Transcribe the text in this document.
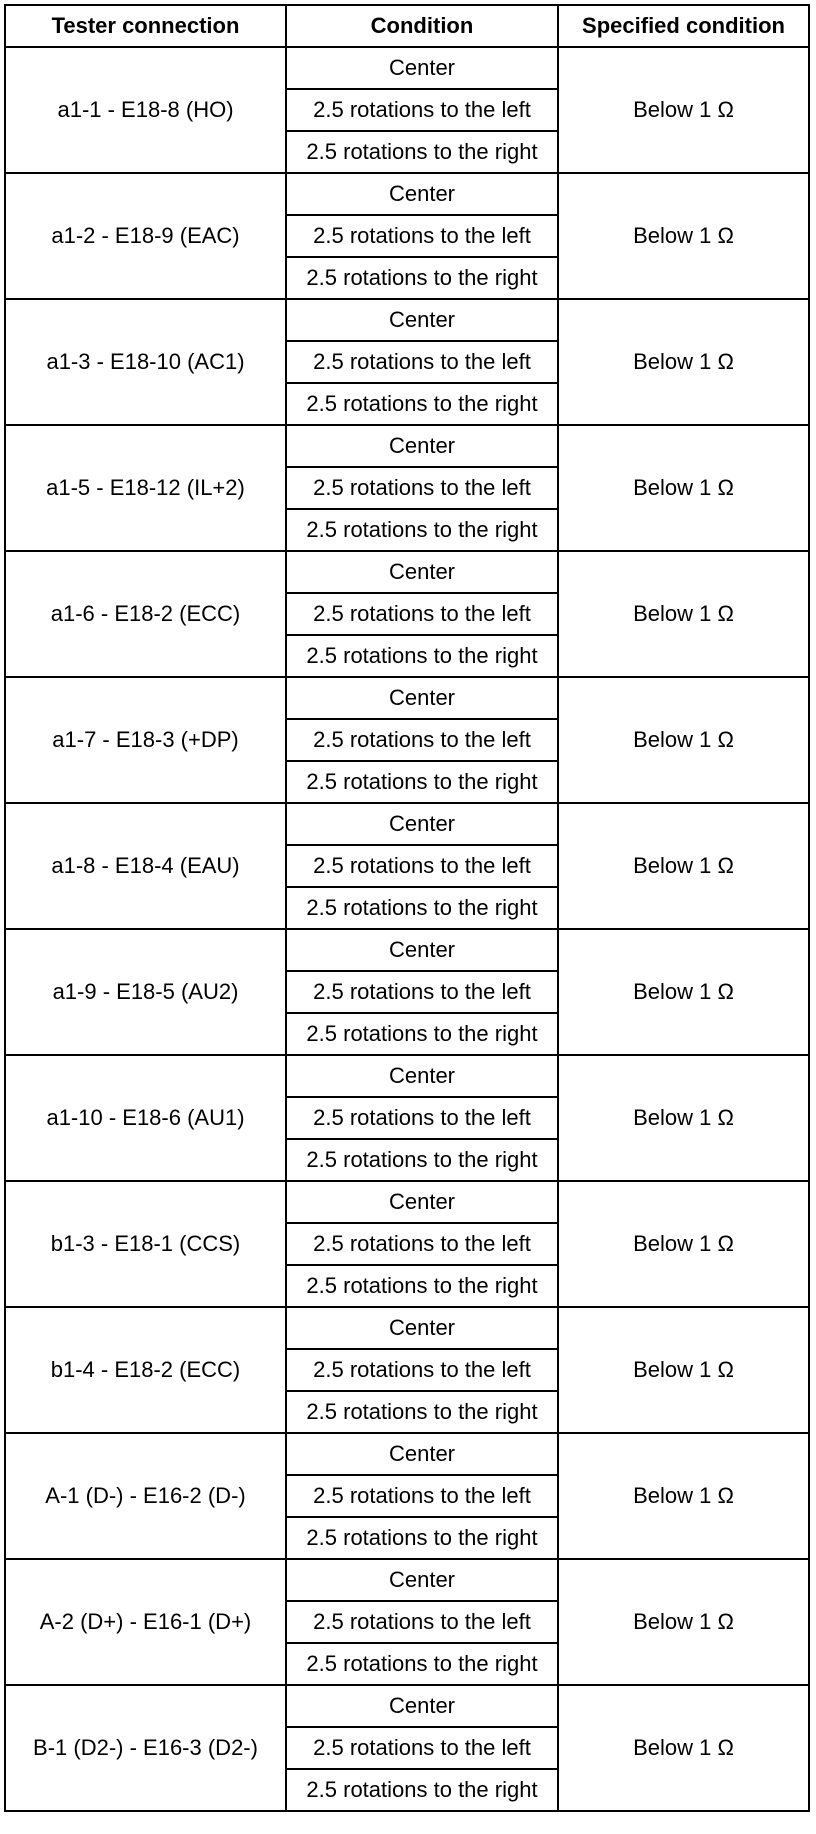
Tester connection	Condition	Specified condition
a1-1 - E18-8 (HO)	Center	Below 1 Ω
	2.5 rotations to the left	
	2.5 rotations to the right	
a1-2 - E18-9 (EAC)	Center	Below 1 Ω
	2.5 rotations to the left	
	2.5 rotations to the right	
a1-3 - E18-10 (AC1)	Center	Below 1 Ω
	2.5 rotations to the left	
	2.5 rotations to the right	
a1-5 - E18-12 (IL+2)	Center	Below 1 Ω
	2.5 rotations to the left	
	2.5 rotations to the right	
a1-6 - E18-2 (ECC)	Center	Below 1 Ω
	2.5 rotations to the left	
	2.5 rotations to the right	
a1-7 - E18-3 (+DP)	Center	Below 1 Ω
	2.5 rotations to the left	
	2.5 rotations to the right	
a1-8 - E18-4 (EAU)	Center	Below 1 Ω
	2.5 rotations to the left	
	2.5 rotations to the right	
a1-9 - E18-5 (AU2)	Center	Below 1 Ω
	2.5 rotations to the left	
	2.5 rotations to the right	
a1-10 - E18-6 (AU1)	Center	Below 1 Ω
	2.5 rotations to the left	
	2.5 rotations to the right	
b1-3 - E18-1 (CCS)	Center	Below 1 Ω
	2.5 rotations to the left	
	2.5 rotations to the right	
b1-4 - E18-2 (ECC)	Center	Below 1 Ω
	2.5 rotations to the left	
	2.5 rotations to the right	
A-1 (D-) - E16-2 (D-)	Center	Below 1 Ω
	2.5 rotations to the left	
	2.5 rotations to the right	
A-2 (D+) - E16-1 (D+)	Center	Below 1 Ω
	2.5 rotations to the left	
	2.5 rotations to the right	
B-1 (D2-) - E16-3 (D2-)	Center	Below 1 Ω
	2.5 rotations to the left	
	2.5 rotations to the right	
